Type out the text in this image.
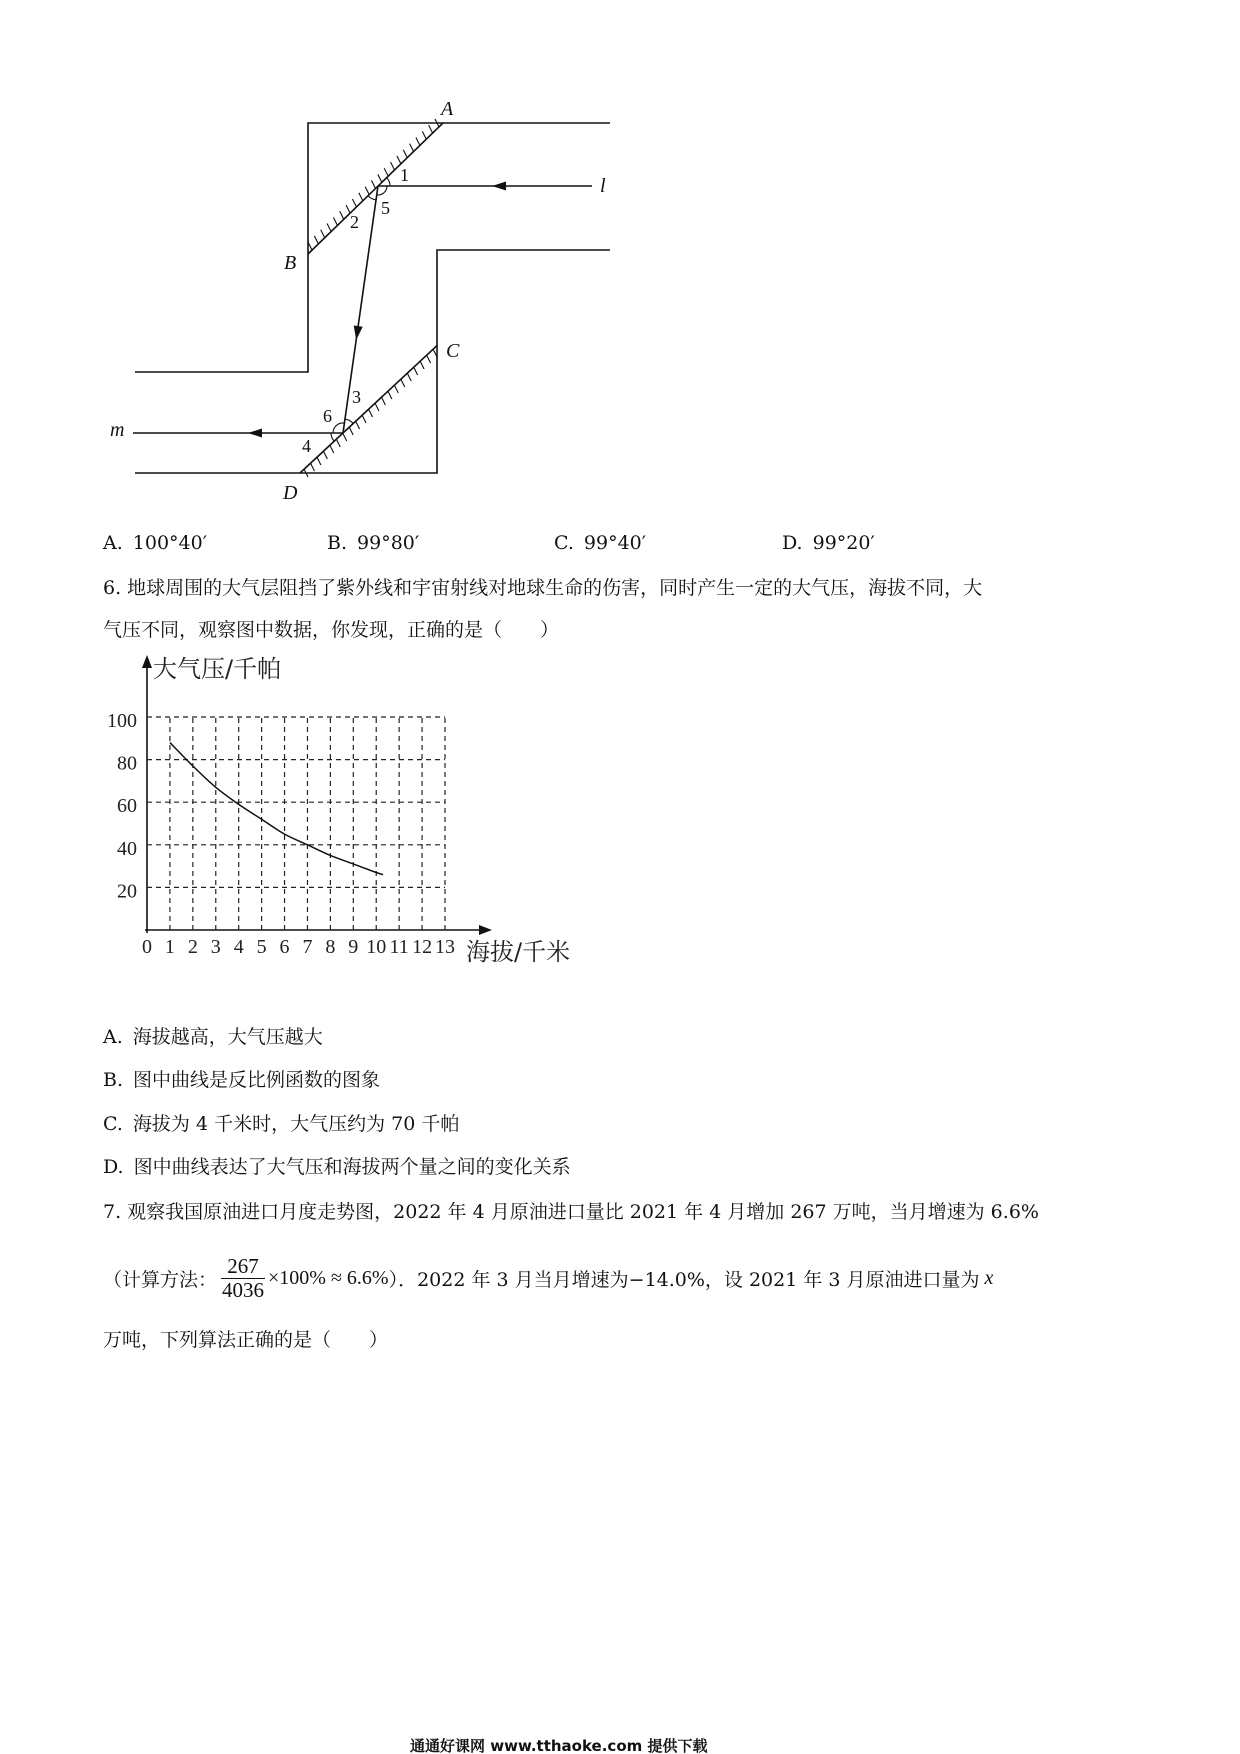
A
B
C
D
l
m
1
5
2
3
6
4
大气压/千帕
海拔/千米
0 1 2 3 4 5 6 7 8 9 10 11 12 13
20
40
60
80
100
A. 100°40′	B. 99°80′	C. 99°40′	D. 99°20′
6. 地球周围的大气层阻挡了紫外线和宇宙射线对地球生命的伤害，同时产生一定的大气压，海拔不同，大
气压不同，观察图中数据，你发现，正确的是（　　）
A. 海拔越高，大气压越大
B. 图中曲线是反比例函数的图象
C. 海拔为 4 千米时，大气压约为 70 千帕
D. 图中曲线表达了大气压和海拔两个量之间的变化关系
7. 观察我国原油进口月度走势图，2022 年 4 月原油进口量比 2021 年 4 月增加 267 万吨，当月增速为 6.6%
（计算方法： $\frac{267}{4036} \times 100\% \approx 6.6\%$ ）．2022 年 3 月当月增速为−14.0%，设 2021 年 3 月原油进口量为 x
万吨，下列算法正确的是（　　）
通通好课网 www.tthaoke.com 提供下载
